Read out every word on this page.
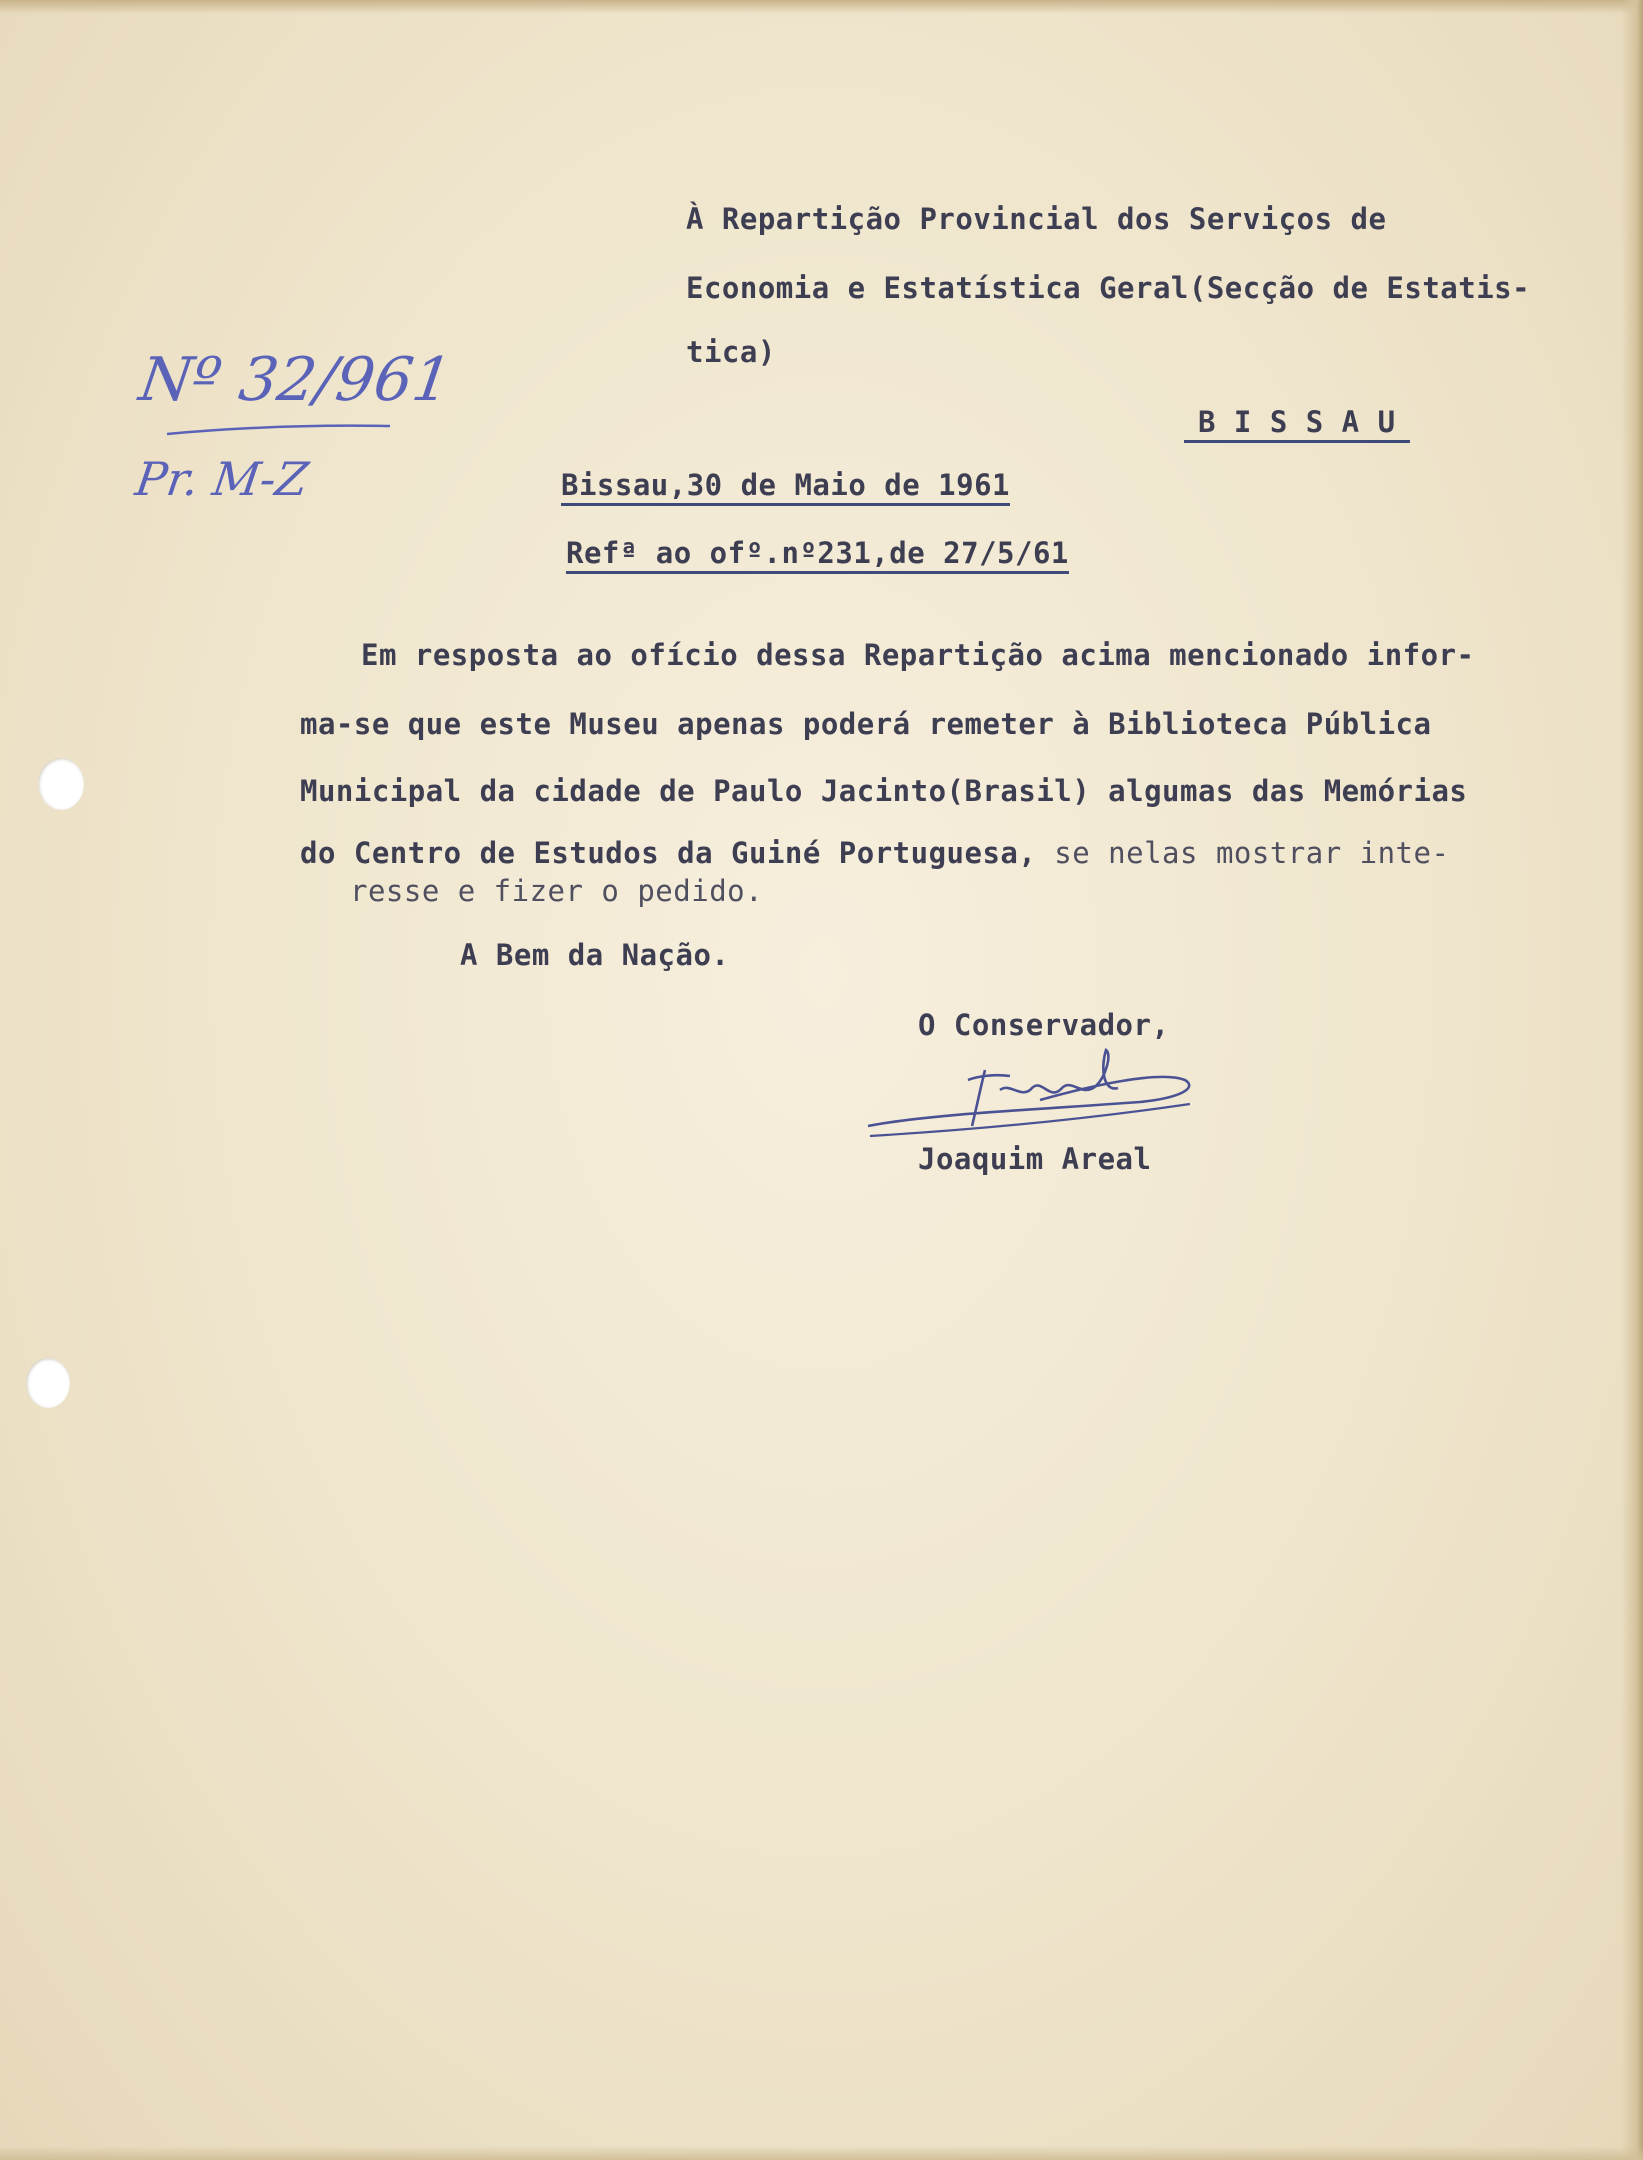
À Repartição Provincial dos Serviços de
Economia e Estatística Geral(Secção de Estatis-
tica)
B I S S A U
Bissau,30 de Maio de 1961
Refª ao ofº.nº231,de 27/5/61
Nº 32/961
Pr. M-Z
Em resposta ao ofício dessa Repartição acima mencionado infor-
ma-se que este Museu apenas poderá remeter à Biblioteca Pública
Municipal da cidade de Paulo Jacinto(Brasil) algumas das Memórias
do Centro de Estudos da Guiné Portuguesa, se nelas mostrar inte-
resse e fizer o pedido.
A Bem da Nação.
O Conservador,
Joaquim Areal
